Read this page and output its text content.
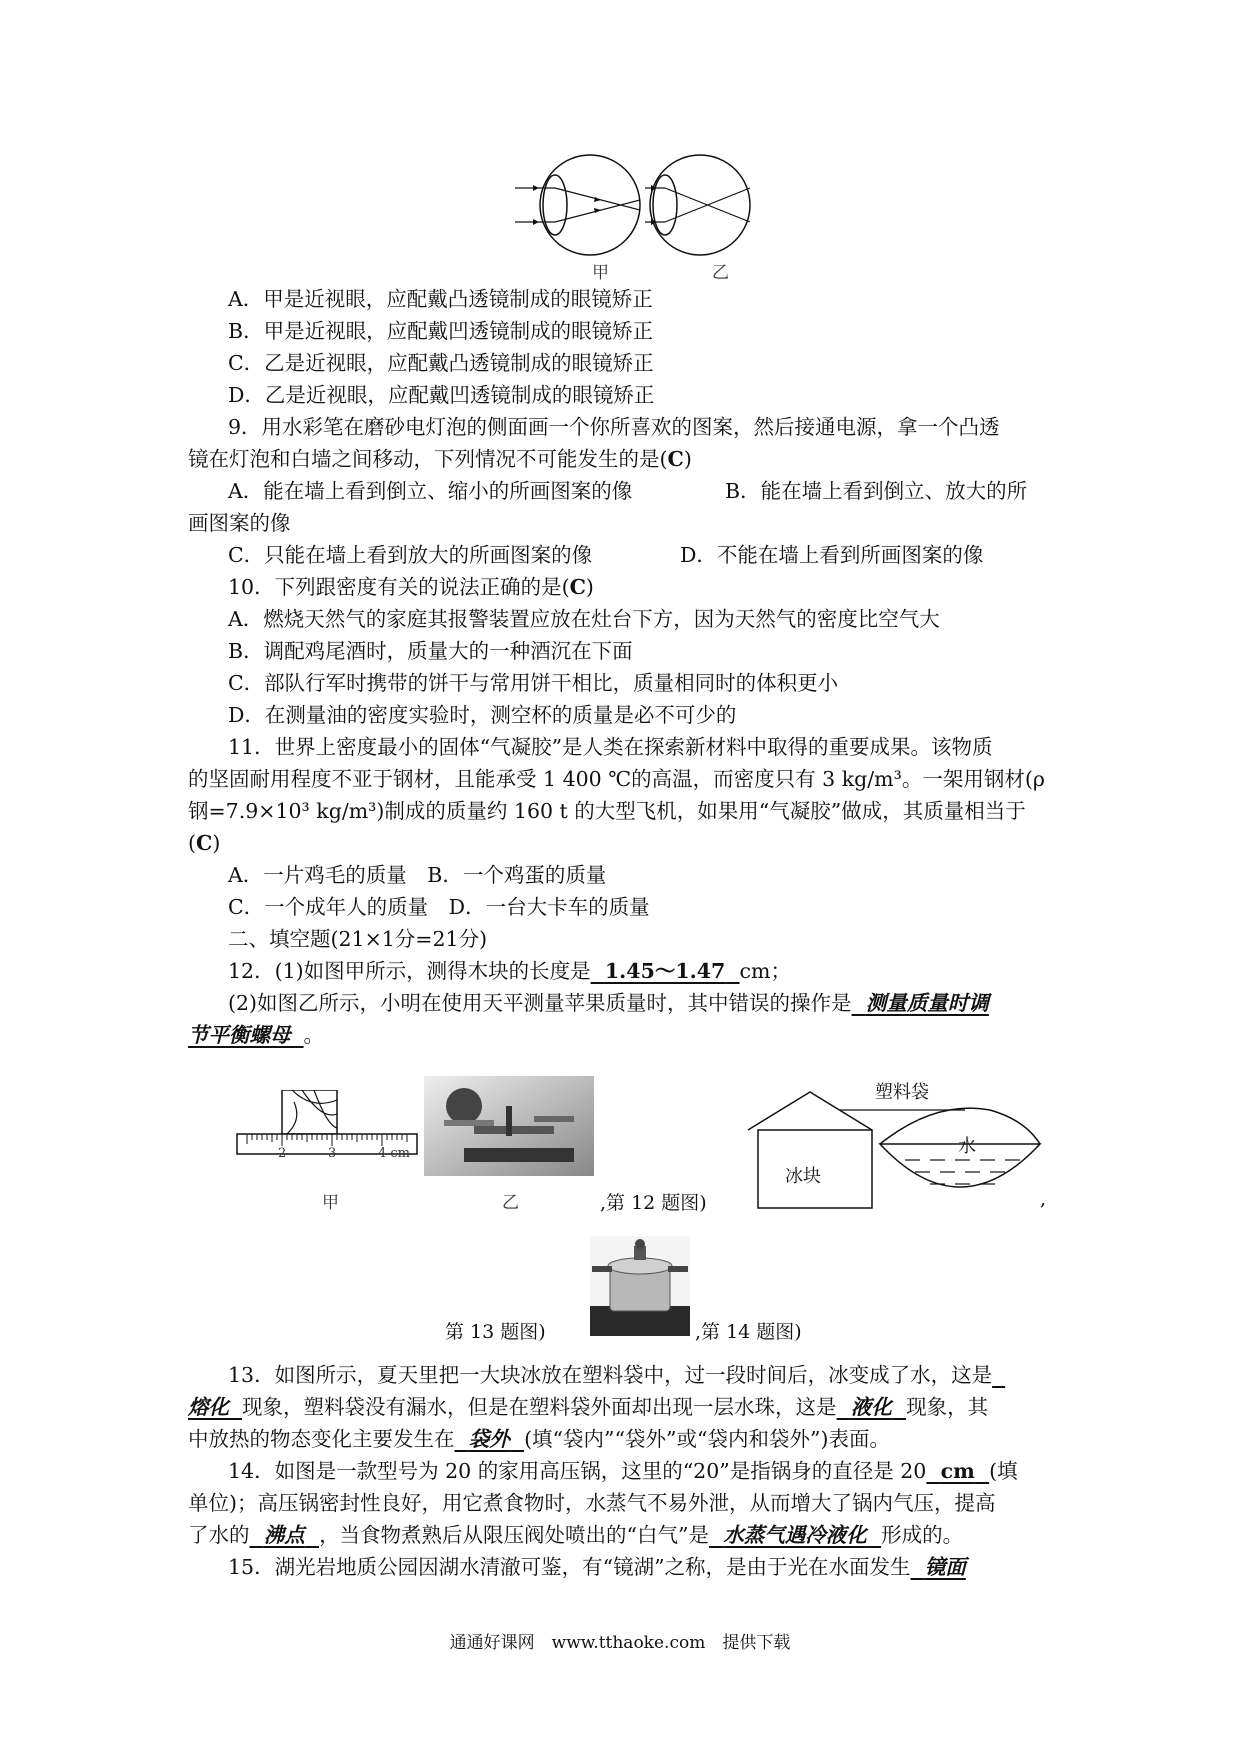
甲	乙
A．甲是近视眼，应配戴凸透镜制成的眼镜矫正
B．甲是近视眼，应配戴凹透镜制成的眼镜矫正
C．乙是近视眼，应配戴凸透镜制成的眼镜矫正
D．乙是近视眼，应配戴凹透镜制成的眼镜矫正
9．用水彩笔在磨砂电灯泡的侧面画一个你所喜欢的图案，然后接通电源，拿一个凸透
镜在灯泡和白墙之间移动，下列情况不可能发生的是(C)
A．能在墙上看到倒立、缩小的所画图案的像	B．能在墙上看到倒立、放大的所
画图案的像
C．只能在墙上看到放大的所画图案的像	D．不能在墙上看到所画图案的像
10．下列跟密度有关的说法正确的是(C)
A．燃烧天然气的家庭其报警装置应放在灶台下方，因为天然气的密度比空气大
B．调配鸡尾酒时，质量大的一种酒沉在下面
C．部队行军时携带的饼干与常用饼干相比，质量相同时的体积更小
D．在测量油的密度实验时，测空杯的质量是必不可少的
11．世界上密度最小的固体“气凝胶”是人类在探索新材料中取得的重要成果。该物质
的坚固耐用程度不亚于钢材，且能承受 1 400 ℃的高温，而密度只有 3 kg/m³。一架用钢材(ρ
钢=7.9×10³ kg/m³)制成的质量约 160 t 的大型飞机，如果用“气凝胶”做成，其质量相当于
(C)
A．一片鸡毛的质量　B．一个鸡蛋的质量
C．一个成年人的质量　D．一台大卡车的质量
二、填空题(21×1分=21分)
12．(1)如图甲所示，测得木块的长度是 1.45～1.47 cm；
(2)如图乙所示，小明在使用天平测量苹果质量时，其中错误的操作是 测量质量时调
节平衡螺母 。
2	3	4 cm
甲	乙	,第 12 题图)
塑料袋
冰块
水
,
第 13 题图)	,第 14 题图)
13．如图所示，夏天里把一大块冰放在塑料袋中，过一段时间后，冰变成了水，这是
熔化 现象，塑料袋没有漏水，但是在塑料袋外面却出现一层水珠，这是 液化 现象，其
中放热的物态变化主要发生在 袋外 (填“袋内”“袋外”或“袋内和袋外”)表面。
14．如图是一款型号为 20 的家用高压锅，这里的“20”是指锅身的直径是 20 cm (填
单位)；高压锅密封性良好，用它煮食物时，水蒸气不易外泄，从而增大了锅内气压，提高
了水的 沸点 ，当食物煮熟后从限压阀处喷出的“白气”是 水蒸气遇冷液化 形成的。
15．湖光岩地质公园因湖水清澈可鉴，有“镜湖”之称，是由于光在水面发生 镜面
通通好课网　www.tthaoke.com　提供下载
